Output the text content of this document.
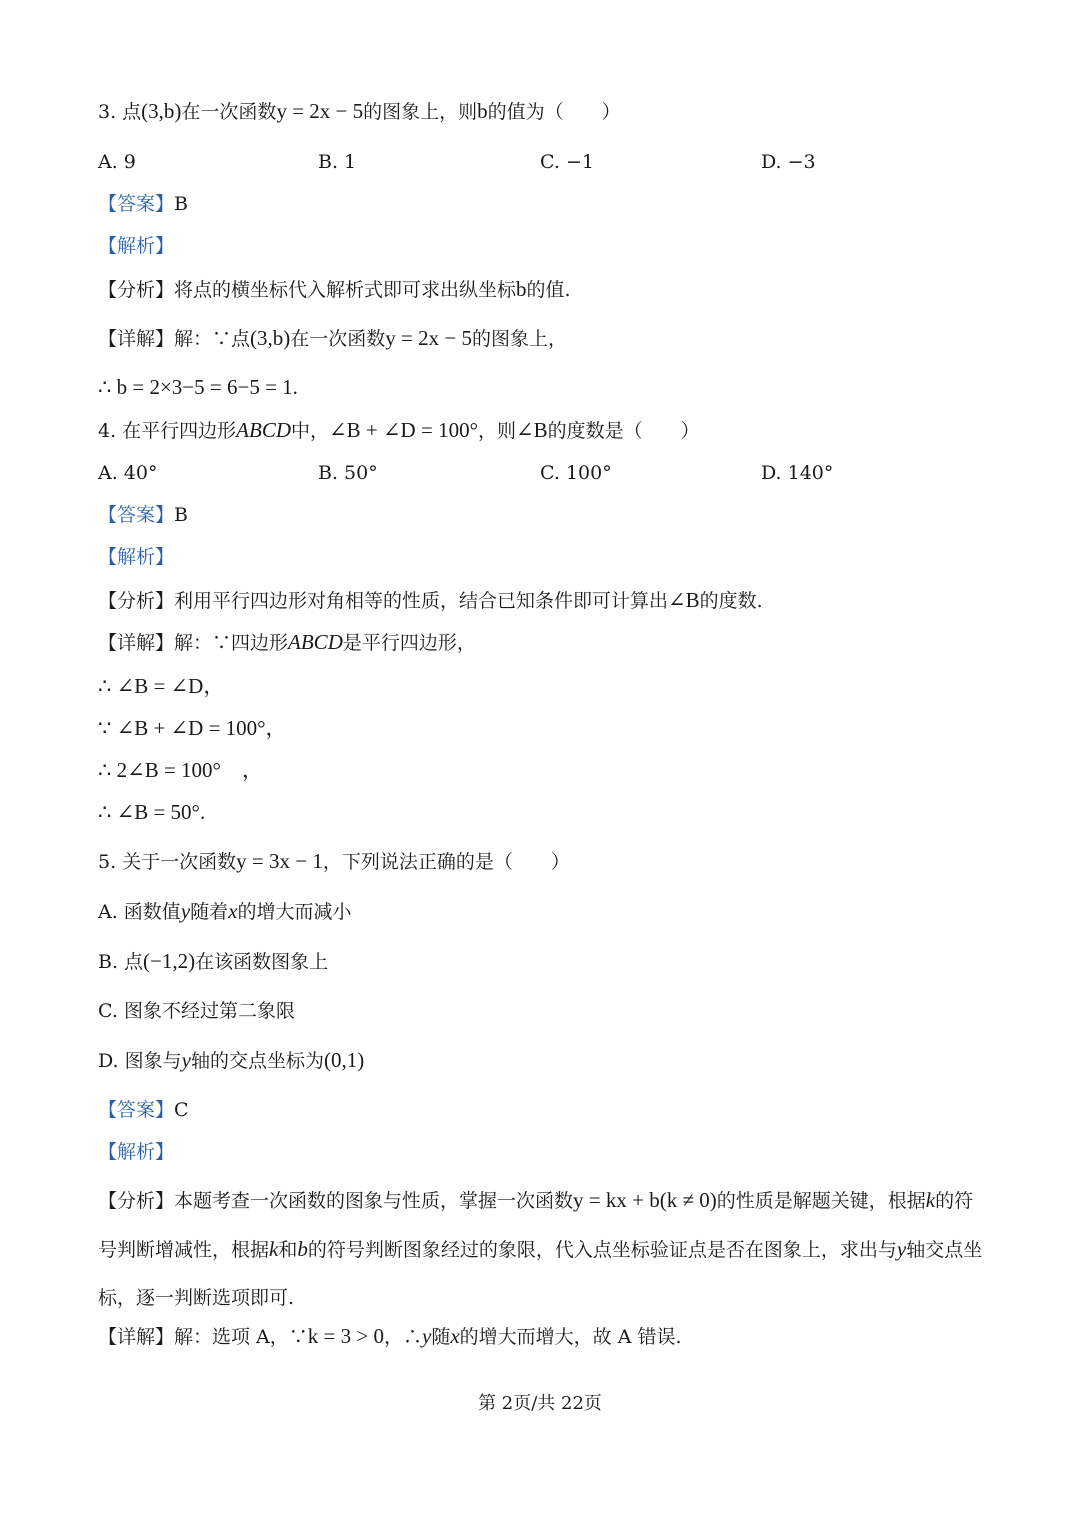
3. 点(3,b)在一次函数y = 2x − 5的图象上，则b的值为（　　）
A. 9	B. 1	C. −1	D. −3
【答案】B
【解析】
【分析】将点的横坐标代入解析式即可求出纵坐标b的值.
【详解】解：∵点(3,b)在一次函数y = 2x − 5的图象上，
∴ b = 2×3−5 = 6−5 = 1.
4. 在平行四边形ABCD中，∠B + ∠D = 100°，则∠B的度数是（　　）
A. 40°	B. 50°	C. 100°	D. 140°
【答案】B
【解析】
【分析】利用平行四边形对角相等的性质，结合已知条件即可计算出∠B的度数.
【详解】解：∵四边形ABCD是平行四边形，
∴ ∠B = ∠D，
∵ ∠B + ∠D = 100°，
∴ 2∠B = 100°　，
∴ ∠B = 50°.
5. 关于一次函数y = 3x − 1，下列说法正确的是（　　）
A. 函数值y随着x的增大而减小
B. 点(−1,2)在该函数图象上
C. 图象不经过第二象限
D. 图象与y轴的交点坐标为(0,1)
【答案】C
【解析】
【分析】本题考查一次函数的图象与性质，掌握一次函数y = kx + b(k ≠ 0)的性质是解题关键，根据k的符号判断增减性，根据k和b的符号判断图象经过的象限，代入点坐标验证点是否在图象上，求出与y轴交点坐标，逐一判断选项即可.
【详解】解：选项 A，∵k = 3 > 0，∴y随x的增大而增大，故 A 错误.
第 2页/共 22页
